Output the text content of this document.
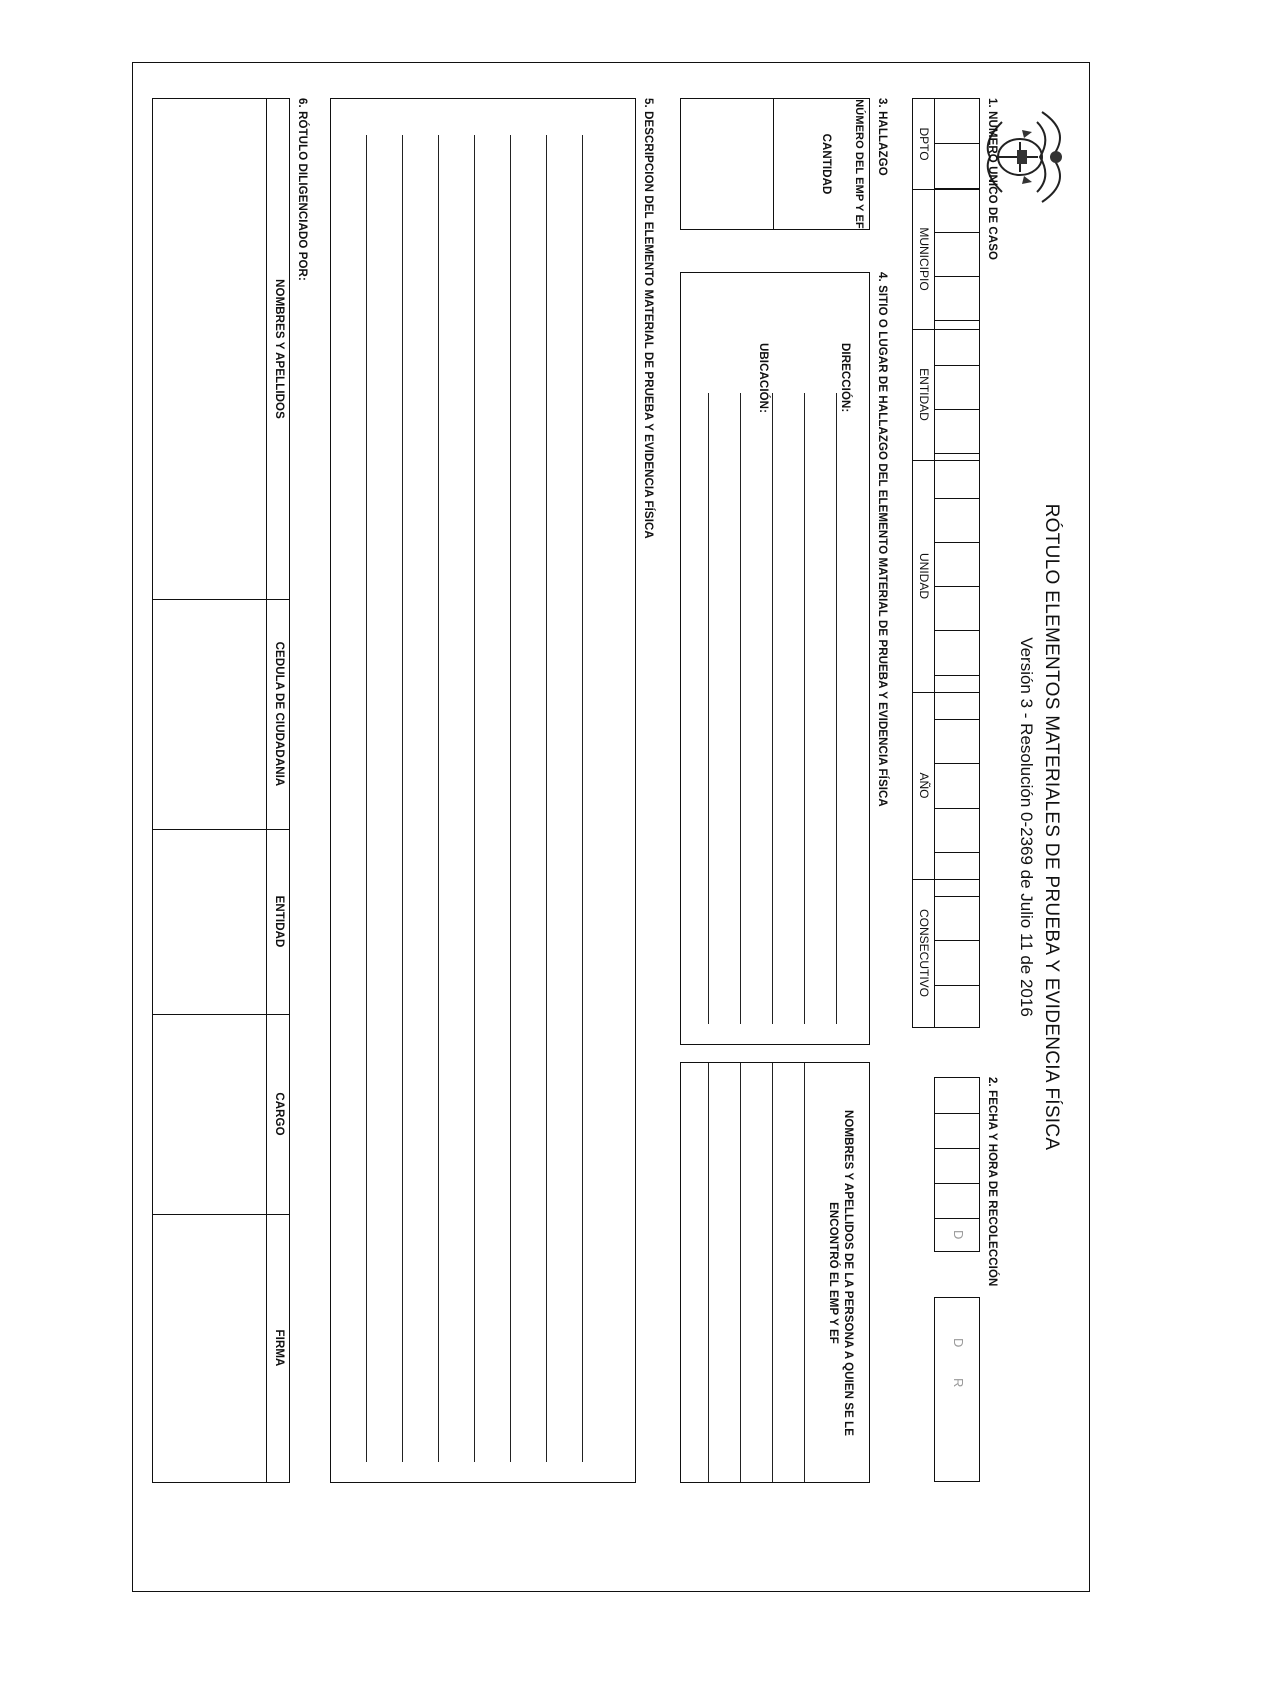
RÓTULO ELEMENTOS MATERIALES DE PRUEBA Y EVIDENCIA FÍSICA
Versión 3 - Resolución 0-2369 de Julio 11 de 2016
1. NUMERO UNICO DE CASO
DPTO
MUNICIPIO
ENTIDAD
UNIDAD
AÑO
CONSECUTIVO
2. FECHA Y HORA DE RECOLECCIÓN
D
D
R
3. HALLAZGO
NÚMERO DEL EMP Y EF
CANTIDAD
4. SITIO O LUGAR DE HALLAZGO DEL ELEMENTO MATERIAL DE PRUEBA Y EVIDENCIA FÍSICA
DIRECCIÓN:
UBICACIÓN:
NOMBRES Y APELLIDOS DE LA PERSONA A QUIEN SE LE ENCONTRÓ EL EMP Y EF
5. DESCRIPCION DEL ELEMENTO MATERIAL DE PRUEBA Y EVIDENCIA FÍSICA
6. RÓTULO DILIGENCIADO POR:
NOMBRES Y APELLIDOS
CEDULA DE CIUDADANIA
ENTIDAD
CARGO
FIRMA
